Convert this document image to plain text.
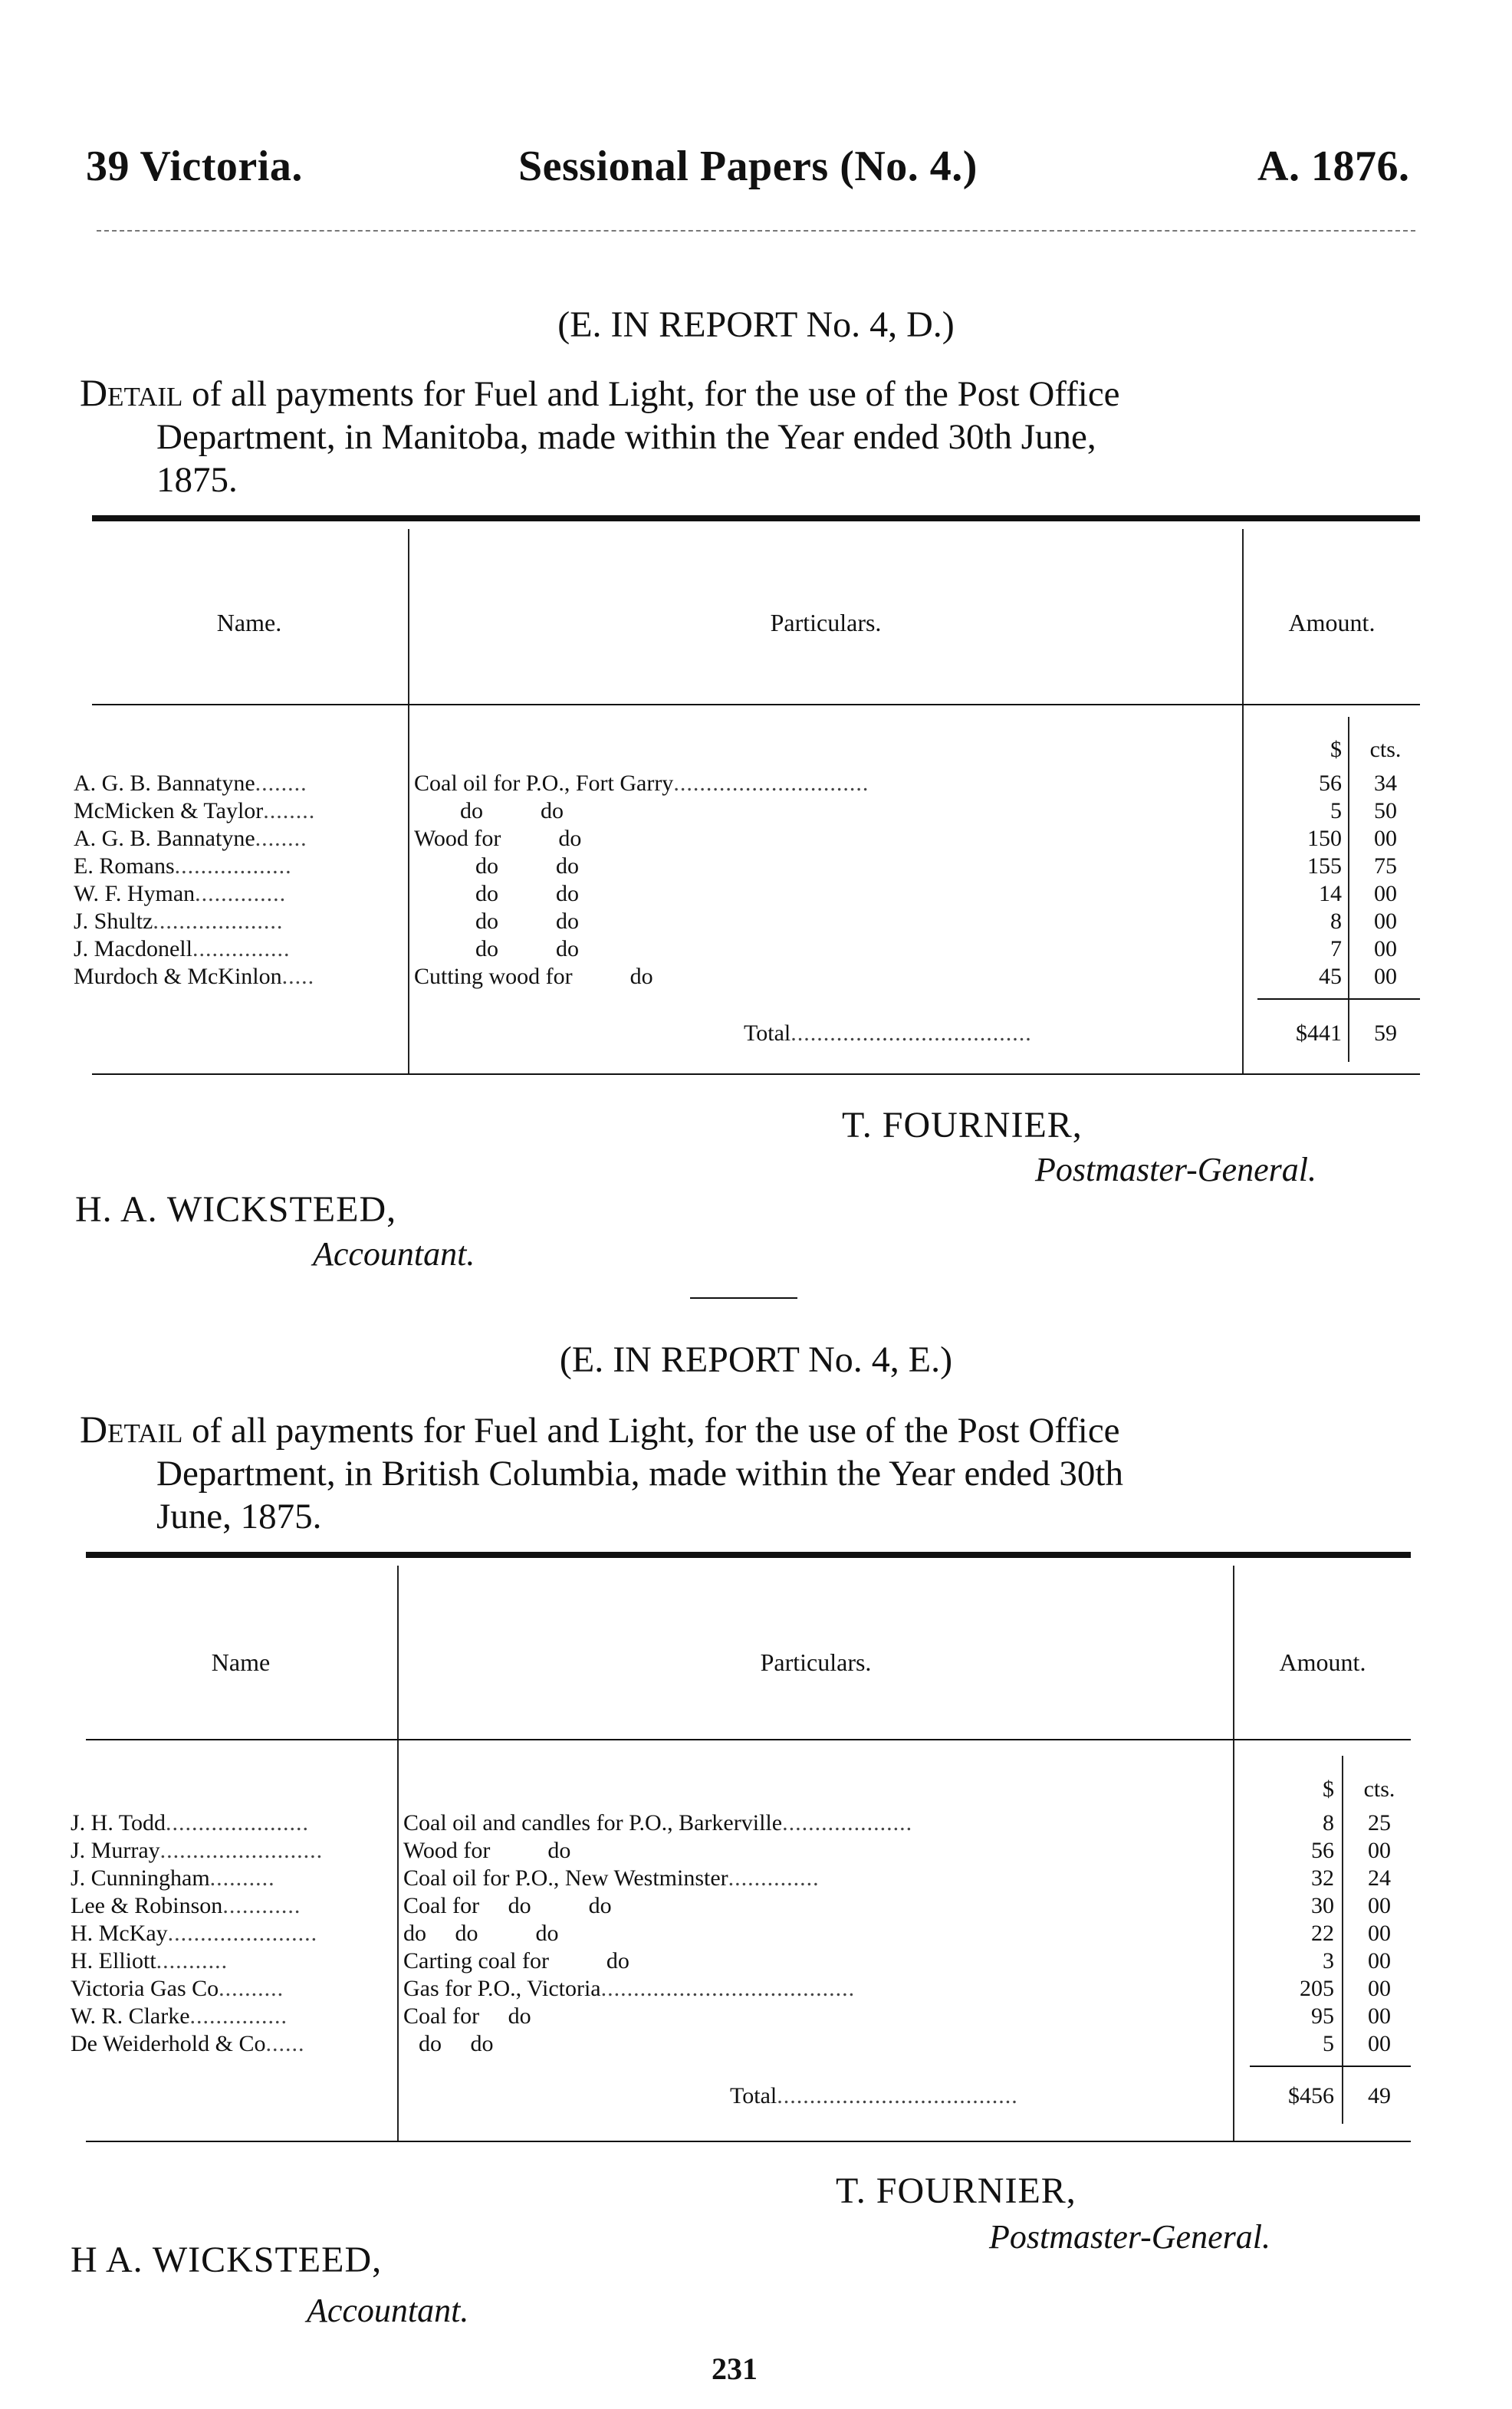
39 Victoria.	Sessional Papers (No. 4.)	A. 1876.
(E. IN REPORT No. 4, D.)
Detail of all payments for Fuel and Light, for the use of the Post Office
Department, in Manitoba, made within the Year ended 30th June,
1875.
Name.	Particulars.	Amount.
$	cts.
A. G. B. Bannatyne........	Coal oil for P.O., Fort Garry..............................	56	34
McMicken & Taylor........	do          do	5	50
A. G. B. Bannatyne........	Wood for          do	150	00
E. Romans..................	do          do	155	75
W. F. Hyman..............	do          do	14	00
J. Shultz....................	do          do	8	00
J. Macdonell...............	do          do	7	00
Murdoch & McKinlon.....	Cutting wood for          do	45	00
Total.....................................	$441	59
T. FOURNIER,
Postmaster-General.
H. A. WICKSTEED,
Accountant.
(E. IN REPORT No. 4, E.)
Detail of all payments for Fuel and Light, for the use of the Post Office
Department, in British Columbia, made within the Year ended 30th
June, 1875.
Name	Particulars.	Amount.
$	cts.
J. H. Todd......................	Coal oil and candles for P.O., Barkerville....................	8	25
J. Murray.........................	Wood for          do	56	00
J. Cunningham..........	Coal oil for P.O., New Westminster..............	32	24
Lee & Robinson............	Coal for     do          do	30	00
H. McKay.......................	do     do          do	22	00
H. Elliott...........	Carting coal for          do	3	00
Victoria Gas Co..........	Gas for P.O., Victoria.......................................	205	00
W. R. Clarke...............	Coal for     do	95	00
De Weiderhold & Co......	do     do	5	00
Total.....................................	$456	49
T. FOURNIER,
Postmaster-General.
H A. WICKSTEED,
Accountant.
231
